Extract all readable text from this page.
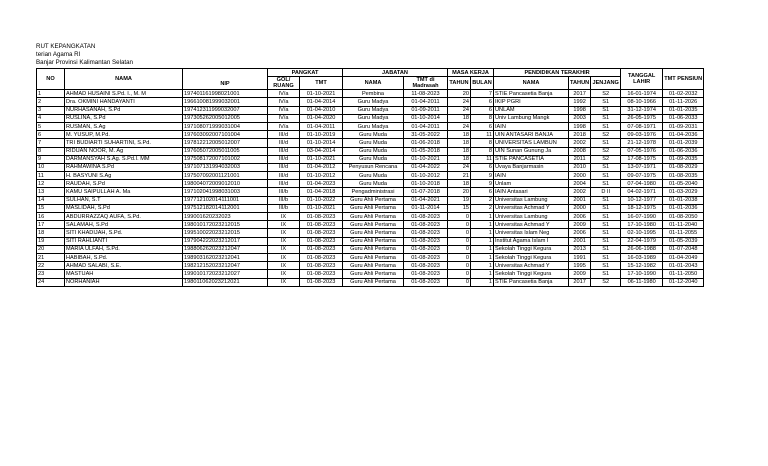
RUT KEPANGKATAN
terian Agama RI
Banjar Provinsi Kalimantan Selatan
NO	NAMA	NIP	PANGKAT		JABATAN		MASA KERJA		PENDIDIKAN TERAKHIR			TANGGAL LAHIR	TMT PENSIUN
			GOL/ RUANG	TMT	NAMA	TMT di Madrasah	TAHUN	BULAN	NAMA	TAHUN	JENJANG		

1	AHMAD HUSAINI S.Pd. I., M. M	197401161998021001	IV/a	01-10-2021	Pembina	11-08-2023	20	7	STIE Pancasetia Banja	2017	S2	16-01-1974	01-02-2032
2	Dra. OKMINI HANDAYANTI	196610081999032001	IV/a	01-04-2014	Guru Madya	01-04-2011	24	6	IKIP PGRI	1992	S1	08-10-1966	01-11-2026
3	NURHASANAH, S.Pd	197412311999032007	IV/a	01-04-2010	Guru Madya	01-09-2011	24	6	UNLAM	1998	S1	31-12-1974	01-01-2035
4	RUSLINA, S.Pd	197305262005012005	IV/a	01-04-2020	Guru Madya	01-10-2014	18	8	Univ Lambung Mangk	2003	S1	26-05-1975	01-06-2033
5	RUSMAN, S.Ag	197108071999031004	IV/a	01-04-2011	Guru Madya	01-04-2011	24	6	IAIN	1998	S1	07-08-1971	01-09-2031
6	M. YUSUP, M.Pd.	197603092007101004	III/d	01-10-2019	Guru Muda	31-05-2022	18	11	UIN ANTASARI BANJA	2018	S2	09-03-1976	01-04-2036
7	TRI BUDIARTI SUHARTINI, S.Pd.	197812212005012007	III/d	01-10-2014	Guru Muda	01-06-2018	18	8	UNIVERSITAS LAMBUN	2002	S1	21-12-1978	01-01-2039
8	RIDUAN NOOR, M. Ag	197605072005011005	III/d	03-04-2014	Guru Muda	01-05-2018	18	8	UIN Sunan Gunung Ja	2008	S2	07-05-1976	01-06-2036
9	DARMANSYAH S.Ag. S.Pd.I. MM	197508172007101002	III/d	01-10-2021	Guru Muda	01-10-2021	18	11	STIE PANCASETIA	2011	S2	17-08-1975	01-09-2035
10	RAHMAWINA S.Pd	197107131994032003	III/d	01-04-2012	Penyusun Rencana	01-04-2022	24	6	Uvaya Banjarmasin	2010	S1	13-07-1971	01-08-2029
11	H. BASYUNI S.Ag	197507092001121001	III/d	01-10-2012	Guru Muda	01-10-2012	21	9	IAIN	2000	S1	09-07-1975	01-08-2035
12	RAUDAH, S.Pd	198004072009012010	III/d	01-04-2023	Guru Muda	01-10-2018	18	9	Unlam	2004	S1	07-04-1980	01-05-2040
13	KAMU SAIPULLAH A. Ma	197102041998031003	III/b	01-04-2018	Pengadministrasi	01-07-2018	20	6	IAIN Antasari	2002	D II	04-02-1971	01-03-2029
14	SULHAN, S.T	197712102014111001	III/b	01-10-2022	Guru Ahli Pertama	01-04-2021	19	2	Universitas Lambung	2001	S1	10-12-1977	01-01-2038
15	MASLIDAH, S.Pd	197512182014112001	III/b	01-10-2021	Guru Ahli Pertama	01-11-2014	15	2	Universitas Achmad Y	2000	S1	18-12-1975	01-01-2036
16	ABDURRAZZAQ AUFA, S.Pd.	199001620232023	IX	01-08-2023	Guru Ahli Pertama	01-08-2023	0	1	Universitas Lambung	2006	S1	16-07-1990	01-08-2050
17	SALAMAH, S.Pd	198010172023212015	IX	01-08-2023	Guru Ahli Pertama	01-08-2023	0	1	Universitas Achmad Y	2009	S1	17-10-1980	01-11-2040
18	SITI KHADIJAH, S.Pd.	199510022023212015	IX	01-08-2023	Guru Ahli Pertama	01-08-2023	0	1	Universitas Islam Neg	2006	S1	02-10-1995	01-11-2055
19	SITI RAHLIANTI	197904222023212017	IX	01-08-2023	Guru Ahli Pertama	01-08-2023	0	1	Institut Agama Islam I	2001	S1	22-04-1979	01-05-2039
20	MARIA ULFAH, S.Pd.	198806262023212047	IX	01-08-2023	Guru Ahli Pertama	01-08-2023	0	1	Sekolah Tinggi Kegura	2013	S1	26-06-1988	01-07-2048
21	HABIBAH, S.Pd.	198903162023212041	IX	01-08-2023	Guru Ahli Pertama	01-08-2023	0	1	Sekolah Tinggi Kegura	1991	S1	16-03-1989	01-04-2049
22	AHMAD SALABI, S.E.	198212152023212047	IX	01-08-2023	Guru Ahli Pertama	01-08-2023	0	1	Universitas Achmad Y	1995	S1	15-12-1982	01-01-2043
23	MASTUAH	199010172023212027	IX	01-08-2023	Guru Ahli Pertama	01-08-2023	0	1	Sekolah Tinggi Kegura	2009	S1	17-10-1990	01-11-2050
24	NORHANIAH	198011062023212021	IX	01-08-2023	Guru Ahli Pertama	01-08-2023	0	1	STIE Pancasetia Banja	2017	S2	06-11-1980	01-12-2040
